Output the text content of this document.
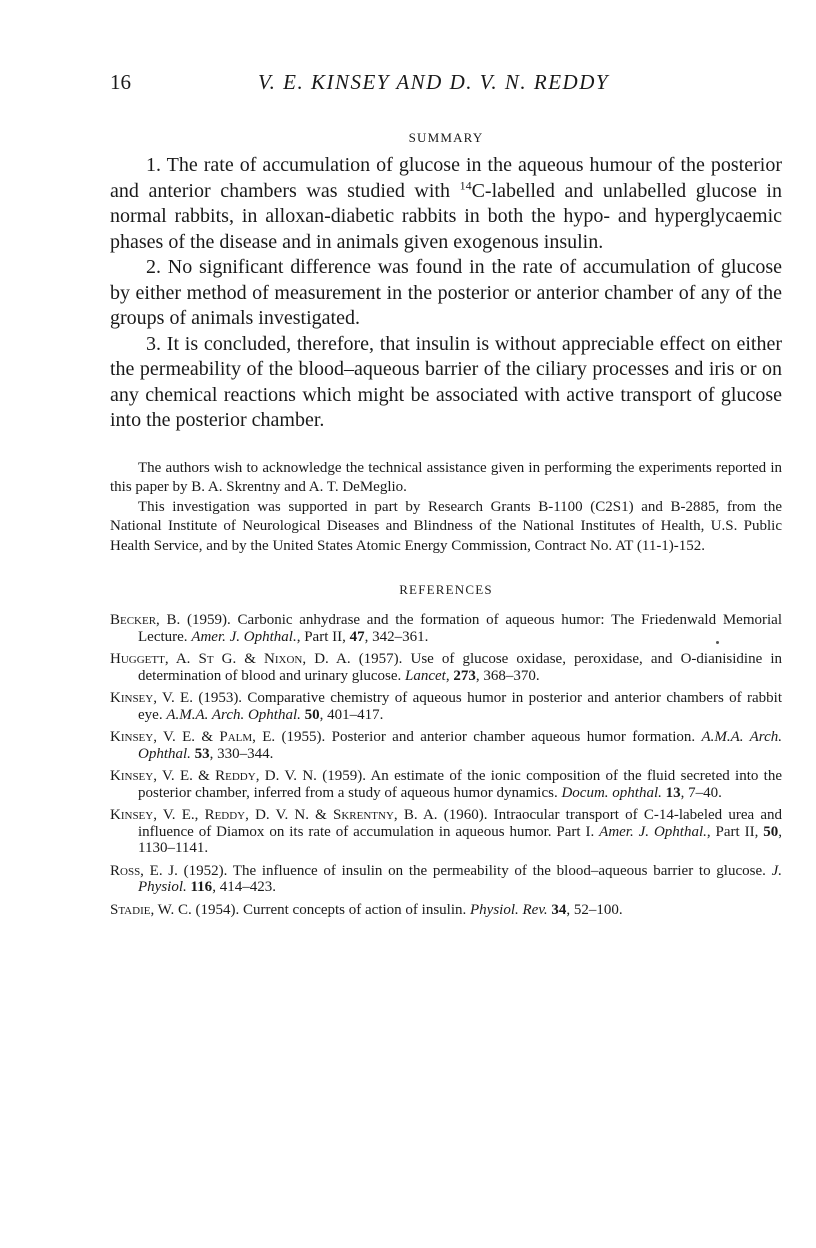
16	V. E. KINSEY AND D. V. N. REDDY
SUMMARY

1. The rate of accumulation of glucose in the aqueous humour of the posterior and anterior chambers was studied with $^{14}$C-labelled and unlabelled glucose in normal rabbits, in alloxan-diabetic rabbits in both the hypo- and hyperglycaemic phases of the disease and in animals given exogenous insulin.

2. No significant difference was found in the rate of accumulation of glucose by either method of measurement in the posterior or anterior chamber of any of the groups of animals investigated.

3. It is concluded, therefore, that insulin is without appreciable effect on either the permeability of the blood–aqueous barrier of the ciliary processes and iris or on any chemical reactions which might be associated with active transport of glucose into the posterior chamber.

The authors wish to acknowledge the technical assistance given in performing the experiments reported in this paper by B. A. Skrentny and A. T. DeMeglio.

This investigation was supported in part by Research Grants B-1100 (C2S1) and B-2885, from the National Institute of Neurological Diseases and Blindness of the National Institutes of Health, U.S. Public Health Service, and by the United States Atomic Energy Commission, Contract No. AT (11-1)-152.

REFERENCES

Becker, B. (1959). Carbonic anhydrase and the formation of aqueous humor: The Friedenwald Memorial Lecture. Amer. J. Ophthal., Part II, 47, 342–361.

Huggett, A. St G. & Nixon, D. A. (1957). Use of glucose oxidase, peroxidase, and O-dianisidine in determination of blood and urinary glucose. Lancet, 273, 368–370.

Kinsey, V. E. (1953). Comparative chemistry of aqueous humor in posterior and anterior chambers of rabbit eye. A.M.A. Arch. Ophthal. 50, 401–417.

Kinsey, V. E. & Palm, E. (1955). Posterior and anterior chamber aqueous humor formation. A.M.A. Arch. Ophthal. 53, 330–344.

Kinsey, V. E. & Reddy, D. V. N. (1959). An estimate of the ionic composition of the fluid secreted into the posterior chamber, inferred from a study of aqueous humor dynamics. Docum. ophthal. 13, 7–40.

Kinsey, V. E., Reddy, D. V. N. & Skrentny, B. A. (1960). Intraocular transport of C-14-labeled urea and influence of Diamox on its rate of accumulation in aqueous humor. Part I. Amer. J. Ophthal., Part II, 50, 1130–1141.

Ross, E. J. (1952). The influence of insulin on the permeability of the blood–aqueous barrier to glucose. J. Physiol. 116, 414–423.

Stadie, W. C. (1954). Current concepts of action of insulin. Physiol. Rev. 34, 52–100.
